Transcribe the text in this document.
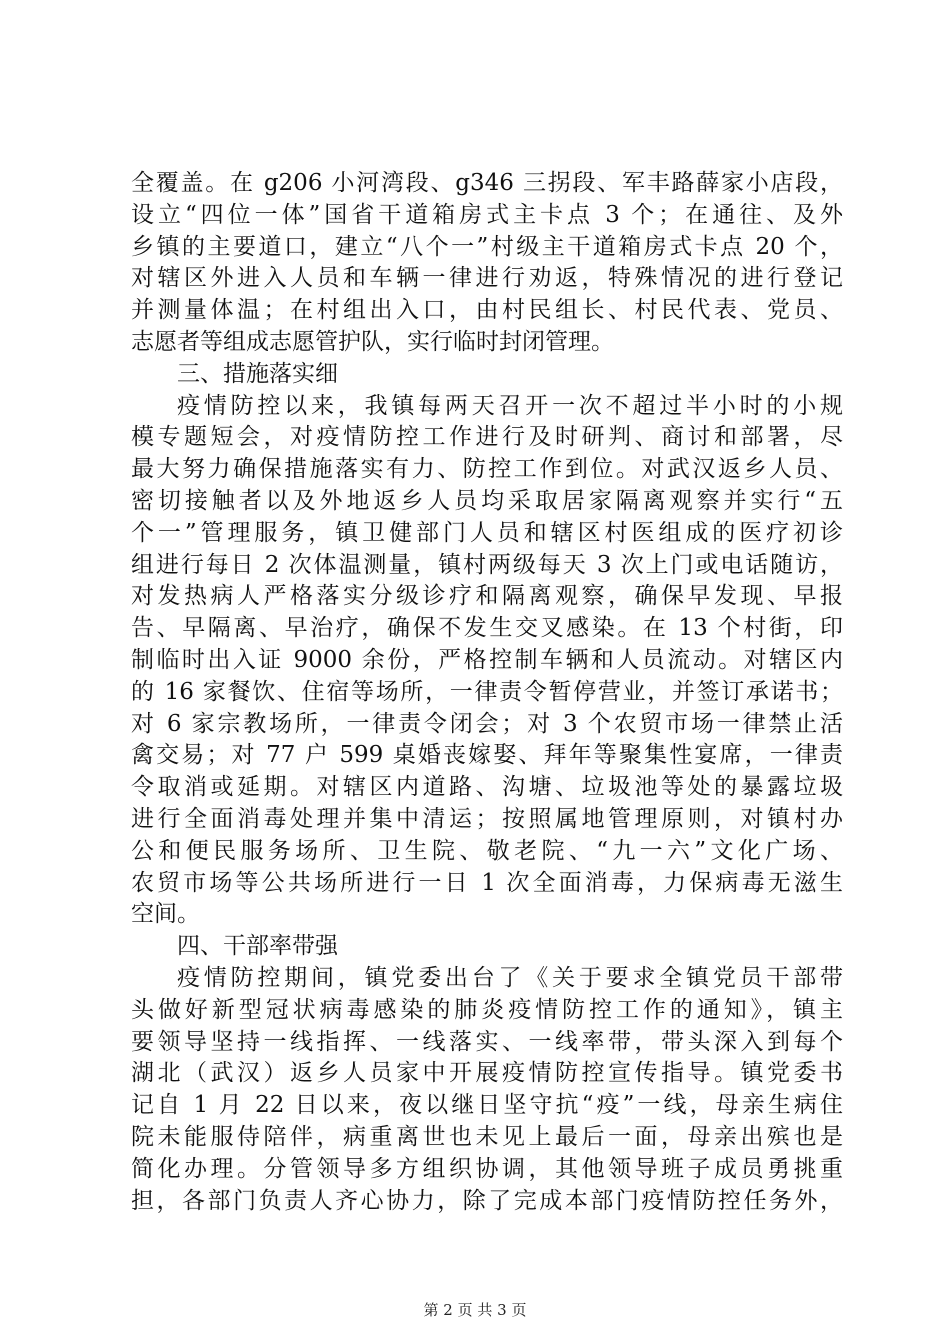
全覆盖。在 g206 小河湾段、g346 三拐段、军丰路薛家小店段，
设立“四位一体”国省干道箱房式主卡点 3 个；在通往、及外
乡镇的主要道口，建立“八个一”村级主干道箱房式卡点 20 个，
对辖区外进入人员和车辆一律进行劝返，特殊情况的进行登记
并测量体温；在村组出入口，由村民组长、村民代表、党员、
志愿者等组成志愿管护队，实行临时封闭管理。
三、措施落实细
疫情防控以来，我镇每两天召开一次不超过半小时的小规
模专题短会，对疫情防控工作进行及时研判、商讨和部署，尽
最大努力确保措施落实有力、防控工作到位。对武汉返乡人员、
密切接触者以及外地返乡人员均采取居家隔离观察并实行“五
个一”管理服务，镇卫健部门人员和辖区村医组成的医疗初诊
组进行每日 2 次体温测量，镇村两级每天 3 次上门或电话随访，
对发热病人严格落实分级诊疗和隔离观察，确保早发现、早报
告、早隔离、早治疗，确保不发生交叉感染。在 13 个村街，印
制临时出入证 9000 余份，严格控制车辆和人员流动。对辖区内
的 16 家餐饮、住宿等场所，一律责令暂停营业，并签订承诺书；
对 6 家宗教场所，一律责令闭会；对 3 个农贸市场一律禁止活
禽交易；对 77 户 599 桌婚丧嫁娶、拜年等聚集性宴席，一律责
令取消或延期。对辖区内道路、沟塘、垃圾池等处的暴露垃圾
进行全面消毒处理并集中清运；按照属地管理原则，对镇村办
公和便民服务场所、卫生院、敬老院、“九一六”文化广场、
农贸市场等公共场所进行一日 1 次全面消毒，力保病毒无滋生
空间。
四、干部率带强
疫情防控期间，镇党委出台了《关于要求全镇党员干部带
头做好新型冠状病毒感染的肺炎疫情防控工作的通知》，镇主
要领导坚持一线指挥、一线落实、一线率带，带头深入到每个
湖北（武汉）返乡人员家中开展疫情防控宣传指导。镇党委书
记自 1 月 22 日以来，夜以继日坚守抗“疫”一线，母亲生病住
院未能服侍陪伴，病重离世也未见上最后一面，母亲出殡也是
简化办理。分管领导多方组织协调，其他领导班子成员勇挑重
担，各部门负责人齐心协力，除了完成本部门疫情防控任务外，
第 2 页 共 3 页
